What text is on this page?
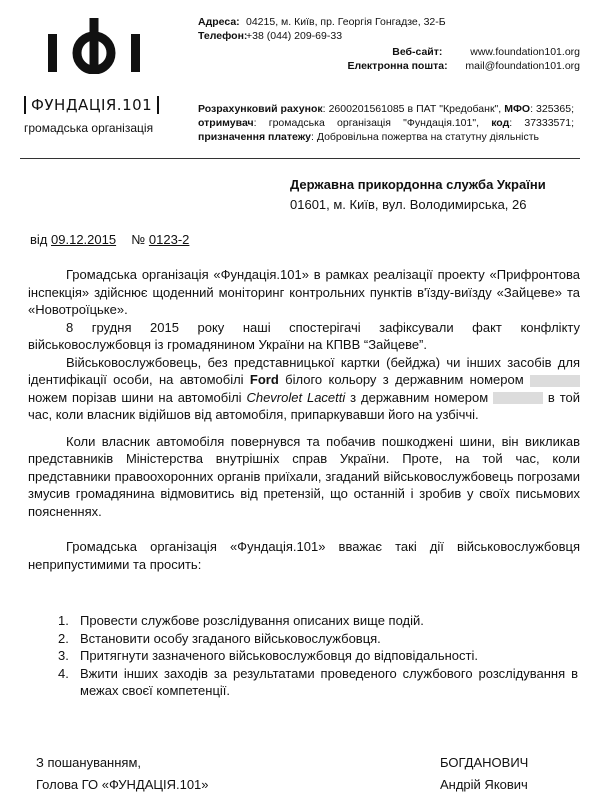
ФУНДАЦІЯ.101
громадська організація
Адреса: 04215, м. Київ, пр. Георгія Гонгадзе, 32-Б
Телефон:
+38 (044) 209-69-33
Веб-сайт:	www.foundation101.org
Електронна пошта: mail@foundation101.org
Розрахунковий рахунок: 2600201561085 в ПАТ "Кредобанк", МФО: 325365; отримувач: громадська організація "Фундація.101", код: 37333571; призначення платежу: Добровільна пожертва на статутну діяльність
Державна прикордонна служба України
01601, м. Київ, вул. Володимирська, 26
від 09.12.2015 № 0123-2

Громадська організація «Фундація.101» в рамках реалізації проекту «Прифронтова інспекція» здійснює щоденний моніторинг контрольних пунктів в'їзду-виїзду «Зайцеве» та «Новотроїцьке».

8 грудня 2015 року наші спостерігачі зафіксували факт конфлікту військовослужбовця із громадянином України на КПВВ “Зайцеве”.

Військовослужбовець, без представницької картки (бейджа) чи інших засобів для ідентифікації особи, на автомобілі Ford білого кольору з державним номером  ножем порізав шини на автомобілі Chevrolet Lacetti з державним номером	в той час, коли власник відійшов від автомобіля, припаркувавши його на узбіччі.

Коли власник автомобіля повернувся та побачив пошкоджені шини, він викликав представників Міністерства внутрішніх справ України. Проте, на той час, коли представники правоохоронних органів приїхали, згаданий військовослужбовець погрозами змусив громадянина відмовитись від претензій, що останній і зробив у своїх письмових поясненнях.

Громадська організація «Фундація.101» вважає такі дії військовослужбовця неприпустимими та просить:

1. Провести службове розслідування описаних вище подій.
2. Встановити особу згаданого військовослужбовця.
3. Притягнути зазначеного військовослужбовця до відповідальності.
4. Вжити інших заходів за результатами проведеного службового розслідування в межах своєї компетенції.
З пошануванням,
Голова ГО «ФУНДАЦІЯ.101»
БОГДАНОВИЧ
Андрій Якович
